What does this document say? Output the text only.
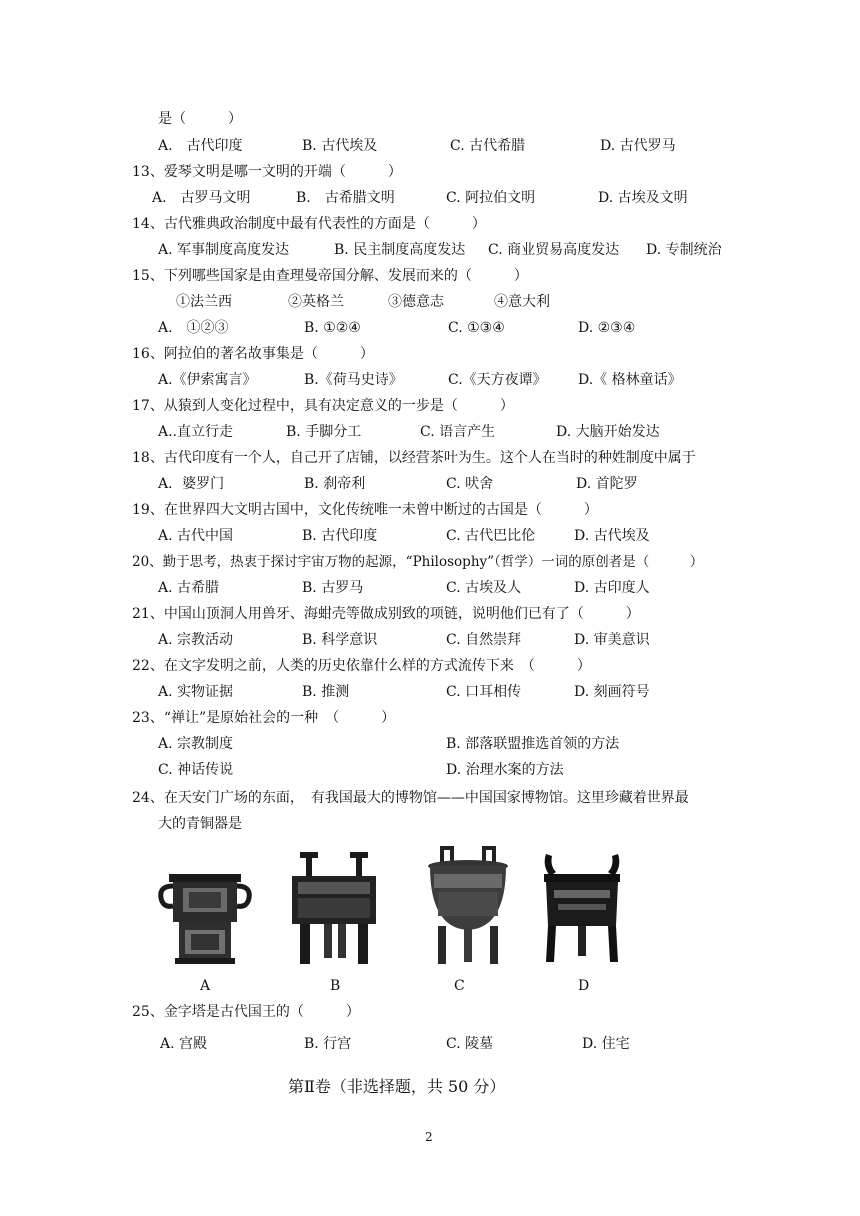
是（　　　）
A.　古代印度	B. 古代埃及	C. 古代希腊	D. 古代罗马
13、爱琴文明是哪一文明的开端（　　　）
A.　古罗马文明	B.　古希腊文明	C. 阿拉伯文明	D. 古埃及文明
14、古代雅典政治制度中最有代表性的方面是（　　　）
A. 军事制度高度发达	B. 民主制度高度发达 C. 商业贸易高度发达 D. 专制统治
15、下列哪些国家是由查理曼帝国分解、发展而来的（　　　）
①法兰西	②英格兰	③德意志	④意大利
A.　①②③	B. ①②④	C. ①③④	D. ②③④
16、阿拉伯的著名故事集是（　　　）
A.《伊索寓言》	B.《荷马史诗》	C.《天方夜谭》 D.《 格林童话》
17、从猿到人变化过程中，具有决定意义的一步是（　　　）
A..直立行走	B. 手脚分工	C. 语言产生	D. 大脑开始发达
18、古代印度有一个人，自己开了店铺，以经营茶叶为生。这个人在当时的种姓制度中属于
A．婆罗门	B. 刹帝利	C. 吠舍	D. 首陀罗
19、在世界四大文明古国中，文化传统唯一未曾中断过的古国是（　　　）
A. 古代中国	B. 古代印度	C. 古代巴比伦	D. 古代埃及
20、勤于思考，热衷于探讨宇宙万物的起源，“Philosophy”（哲学）一词的原创者是（　　　）
A. 古希腊	B. 古罗马	C. 古埃及人	D. 古印度人
21、中国山顶洞人用兽牙、海蚶壳等做成别致的项链，说明他们已有了（　　　）
A. 宗教活动	B. 科学意识	C. 自然崇拜	D. 审美意识
22、在文字发明之前，人类的历史依靠什么样的方式流传下来　（　　　）
A. 实物证据	B. 推测	C. 口耳相传	D. 刻画符号
23、“禅让”是原始社会的一种　（　　　）
A. 宗教制度	B. 部落联盟推选首领的方法
C. 神话传说	D. 治理水案的方法
24、在天安门广场的东面，　有我国最大的博物馆——中国国家博物馆。这里珍藏着世界最
大的青铜器是
A	B	C	D
25、金字塔是古代国王的（　　　）
A. 宫殿	B. 行宫	C. 陵墓	D. 住宅
第Ⅱ卷（非选择题，共 50 分）
2
